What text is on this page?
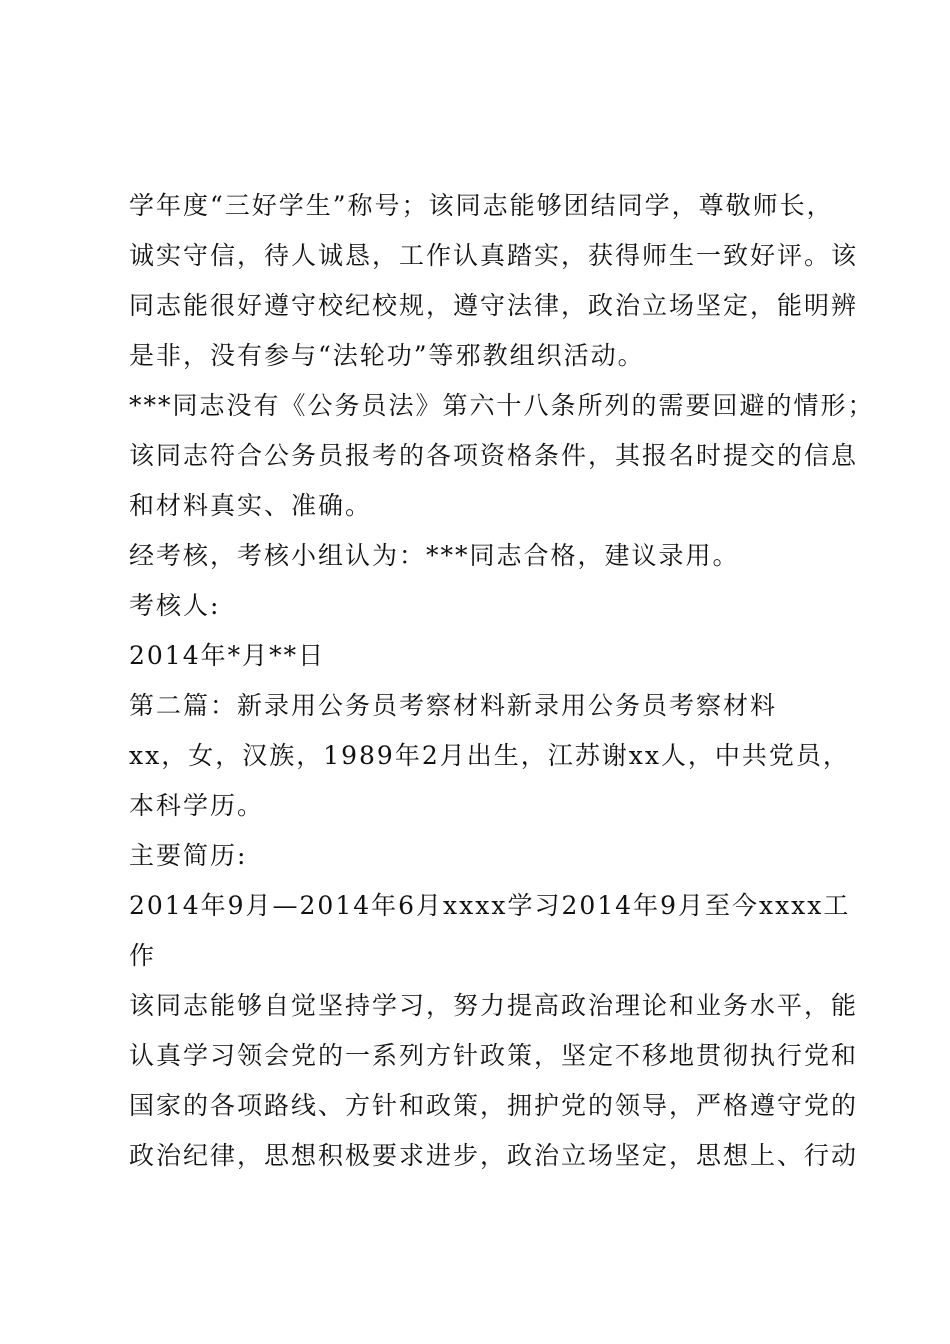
学年度“三好学生”称号；该同志能够团结同学，尊敬师长，
诚实守信，待人诚恳，工作认真踏实，获得师生一致好评。该
同志能很好遵守校纪校规，遵守法律，政治立场坚定，能明辨
是非，没有参与“法轮功”等邪教组织活动。
***同志没有《公务员法》第六十八条所列的需要回避的情形；
该同志符合公务员报考的各项资格条件，其报名时提交的信息
和材料真实、准确。
经考核，考核小组认为：***同志合格，建议录用。
考核人:
2014年*月**日
第二篇：新录用公务员考察材料新录用公务员考察材料
xx，女，汉族，1989年2月出生，江苏谢xx人，中共党员，
本科学历。
主要简历:
2014年9月—2014年6月xxxx学习2014年9月至今xxxx工
作
该同志能够自觉坚持学习，努力提高政治理论和业务水平，能
认真学习领会党的一系列方针政策，坚定不移地贯彻执行党和
国家的各项路线、方针和政策，拥护党的领导，严格遵守党的
政治纪律，思想积极要求进步，政治立场坚定，思想上、行动
